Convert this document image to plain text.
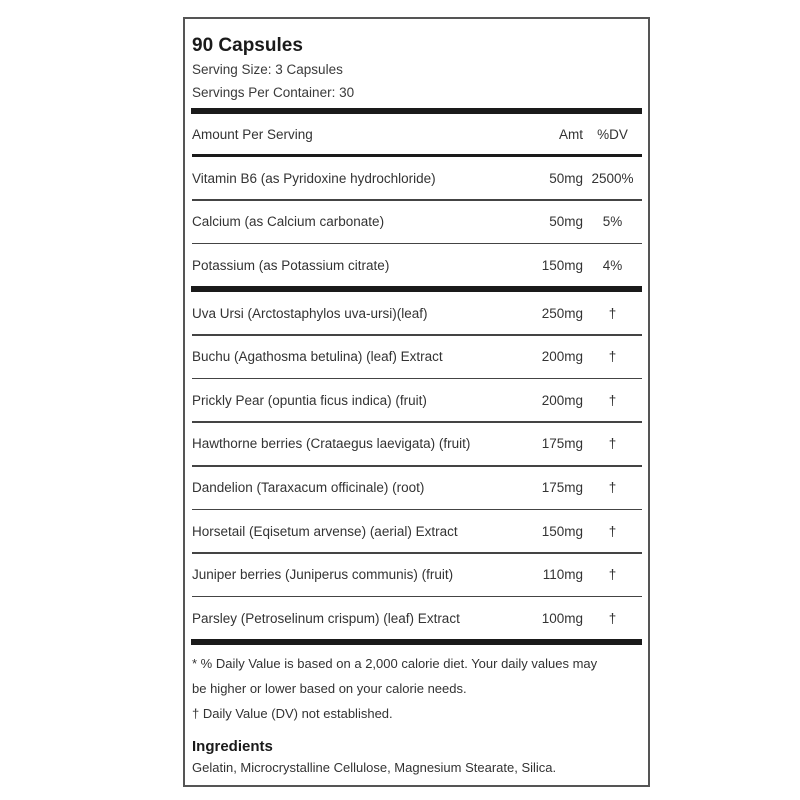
90 Capsules
Serving Size: 3 Capsules
Servings Per Container: 30
Amount Per Serving	Amt	%DV
Vitamin B6 (as Pyridoxine hydrochloride)	50mg 2500%
Calcium (as Calcium carbonate)	50mg	5%
Potassium (as Potassium citrate)	150mg	4%
Uva Ursi (Arctostaphylos uva-ursi)(leaf)	250mg	†
Buchu (Agathosma betulina) (leaf) Extract	200mg	†
Prickly Pear (opuntia ficus indica) (fruit)	200mg	†
Hawthorne berries (Crataegus laevigata) (fruit)	175mg	†
Dandelion (Taraxacum officinale) (root)	175mg	†
Horsetail (Eqisetum arvense) (aerial) Extract	150mg	†
Juniper berries (Juniperus communis) (fruit)	110mg	†
Parsley (Petroselinum crispum) (leaf) Extract	100mg	†
* % Daily Value is based on a 2,000 calorie diet. Your daily values may
be higher or lower based on your calorie needs.
† Daily Value (DV) not established.
Ingredients
Gelatin, Microcrystalline Cellulose, Magnesium Stearate, Silica.
